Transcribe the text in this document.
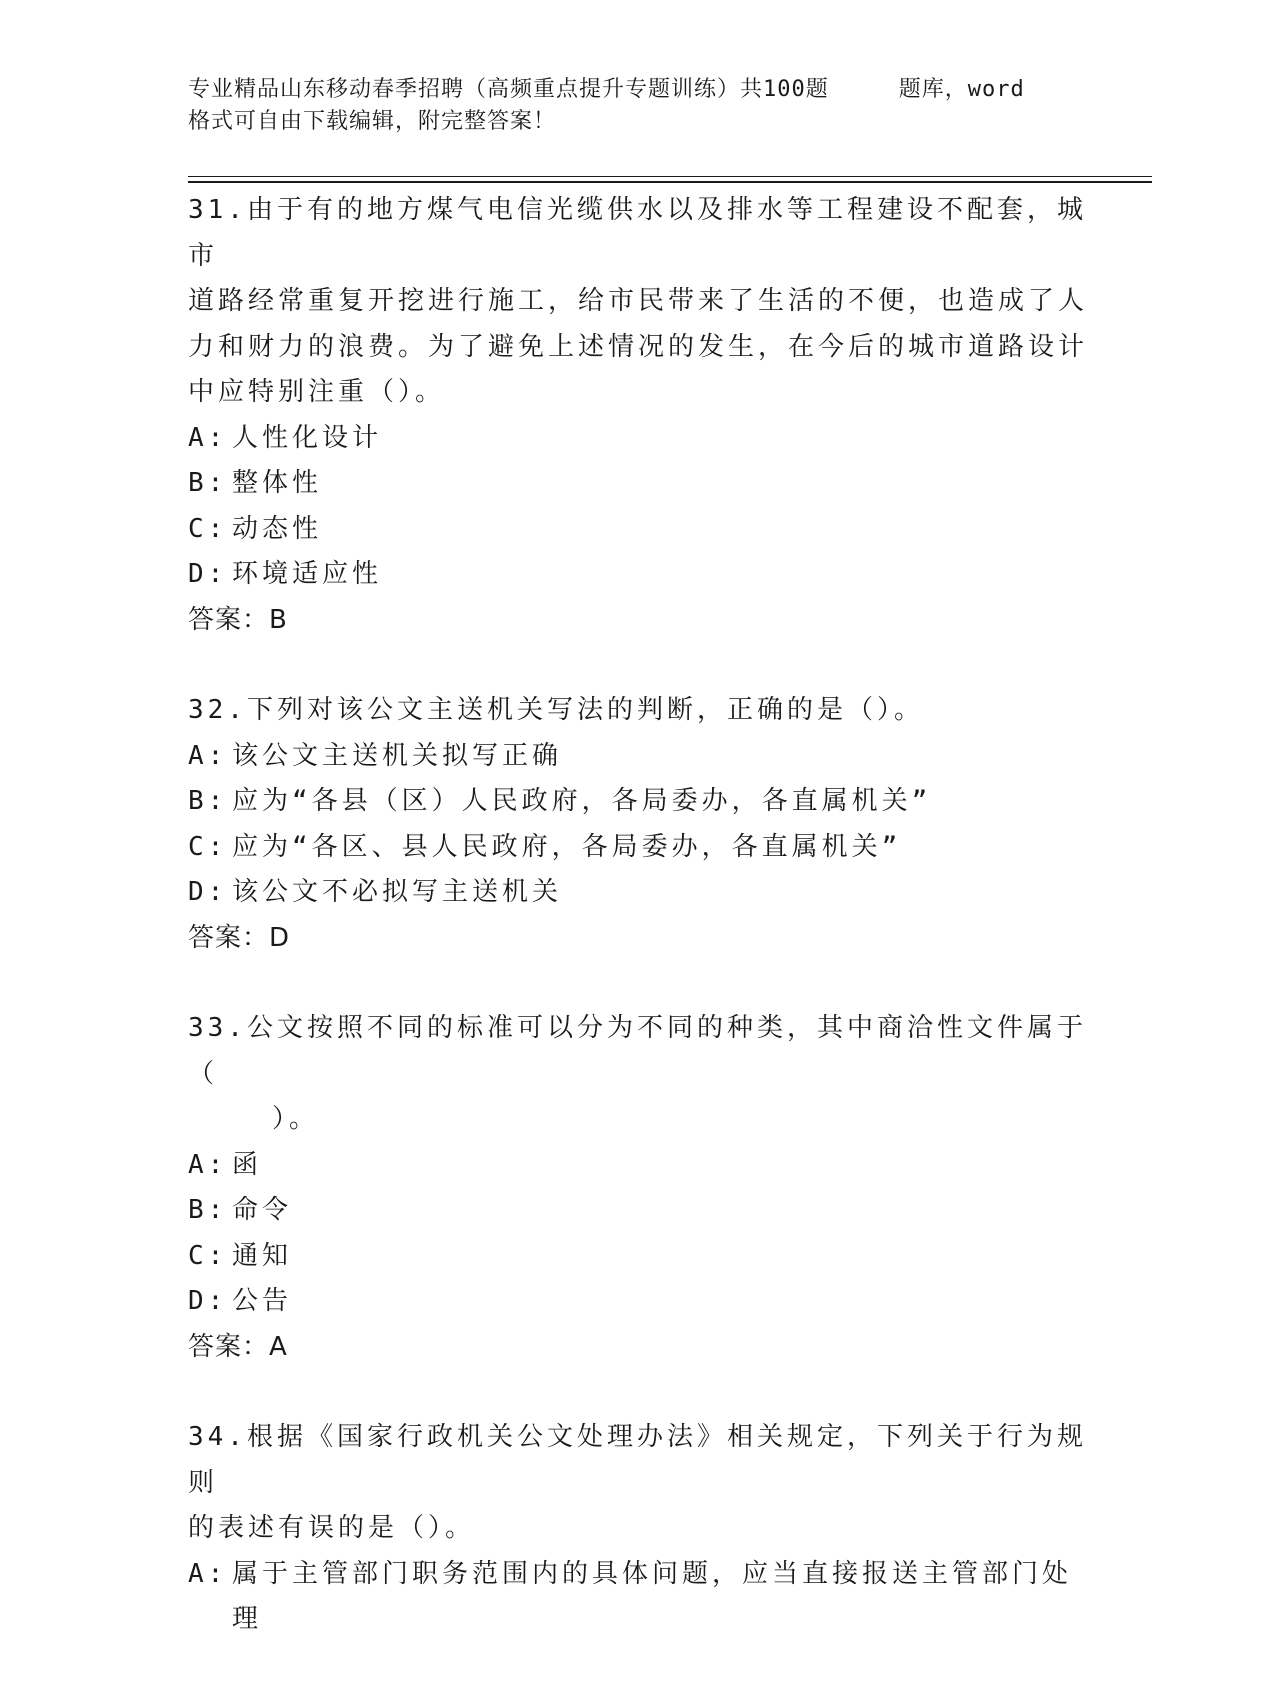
专业精品山东移动春季招聘（高频重点提升专题训练）共100题	题库，word
格式可自由下载编辑，附完整答案！
31.由于有的地方煤气电信光缆供水以及排水等工程建设不配套，城市
道路经常重复开挖进行施工，给市民带来了生活的不便，也造成了人
力和财力的浪费。为了避免上述情况的发生，在今后的城市道路设计
中应特别注重（）。
A: 人性化设计
B: 整体性
C: 动态性
D: 环境适应性
答案：B
32.下列对该公文主送机关写法的判断，正确的是（）。
A: 该公文主送机关拟写正确
B: 应为“各县（区）人民政府，各局委办，各直属机关”
C: 应为“各区、县人民政府，各局委办，各直属机关”
D: 该公文不必拟写主送机关
答案：D
33.公文按照不同的标准可以分为不同的种类，其中商洽性文件属于（
）。
A: 函
B: 命令
C: 通知
D: 公告
答案：A
34.根据《国家行政机关公文处理办法》相关规定，下列关于行为规则
的表述有误的是（）。
A: 属于主管部门职务范围内的具体问题，应当直接报送主管部门处理
